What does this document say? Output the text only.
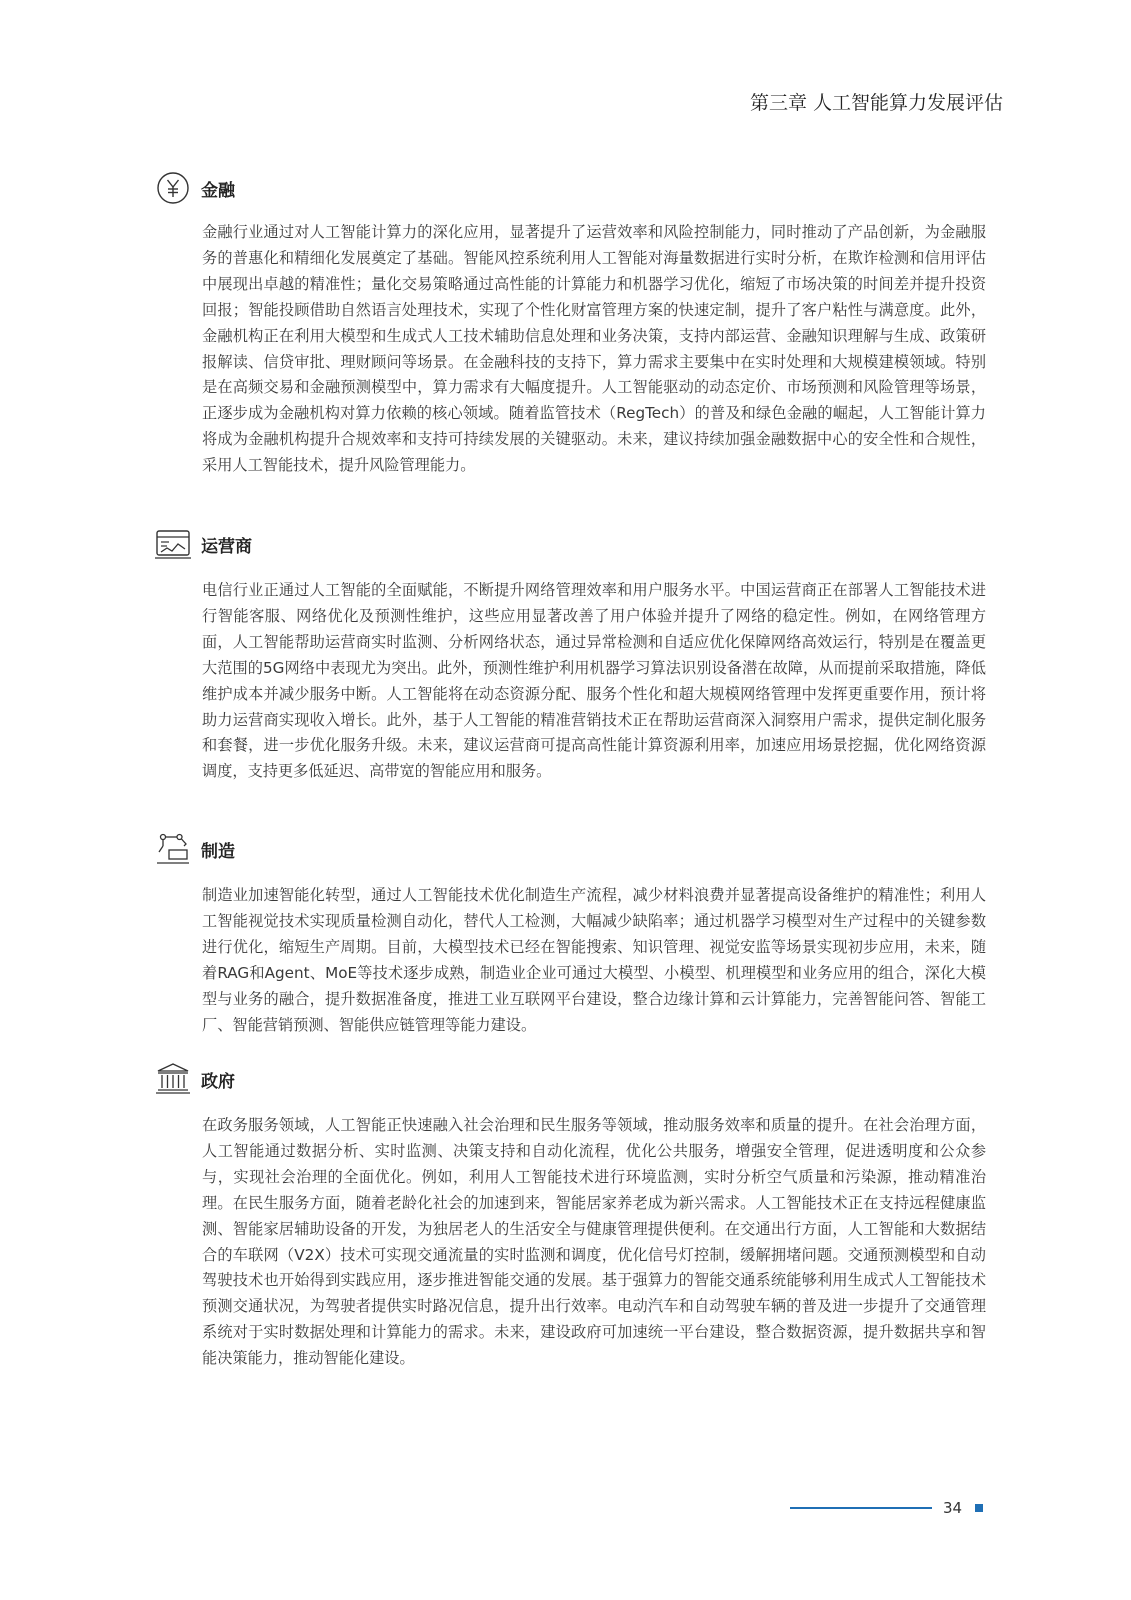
第三章 人工智能算力发展评估
金融

金融行业通过对人工智能计算力的深化应用，显著提升了运营效率和风险控制能力，同时推动了产品创新，为金融服务的普惠化和精细化发展奠定了基础。智能风控系统利用人工智能对海量数据进行实时分析，在欺诈检测和信用评估中展现出卓越的精准性；量化交易策略通过高性能的计算能力和机器学习优化，缩短了市场决策的时间差并提升投资回报；智能投顾借助自然语言处理技术，实现了个性化财富管理方案的快速定制，提升了客户粘性与满意度。此外，金融机构正在利用大模型和生成式人工技术辅助信息处理和业务决策，支持内部运营、金融知识理解与生成、政策研报解读、信贷审批、理财顾问等场景。在金融科技的支持下，算力需求主要集中在实时处理和大规模建模领域。特别是在高频交易和金融预测模型中，算力需求有大幅度提升。人工智能驱动的动态定价、市场预测和风险管理等场景，正逐步成为金融机构对算力依赖的核心领域。随着监管技术（RegTech）的普及和绿色金融的崛起，人工智能计算力将成为金融机构提升合规效率和支持可持续发展的关键驱动。未来，建议持续加强金融数据中心的安全性和合规性，采用人工智能技术，提升风险管理能力。

运营商

电信行业正通过人工智能的全面赋能，不断提升网络管理效率和用户服务水平。中国运营商正在部署人工智能技术进行智能客服、网络优化及预测性维护，这些应用显著改善了用户体验并提升了网络的稳定性。例如，在网络管理方面，人工智能帮助运营商实时监测、分析网络状态，通过异常检测和自适应优化保障网络高效运行，特别是在覆盖更大范围的5G网络中表现尤为突出。此外，预测性维护利用机器学习算法识别设备潜在故障，从而提前采取措施，降低维护成本并减少服务中断。人工智能将在动态资源分配、服务个性化和超大规模网络管理中发挥更重要作用，预计将助力运营商实现收入增长。此外，基于人工智能的精准营销技术正在帮助运营商深入洞察用户需求，提供定制化服务和套餐，进一步优化服务升级。未来，建议运营商可提高高性能计算资源利用率，加速应用场景挖掘，优化网络资源调度，支持更多低延迟、高带宽的智能应用和服务。

制造

制造业加速智能化转型，通过人工智能技术优化制造生产流程，减少材料浪费并显著提高设备维护的精准性；利用人工智能视觉技术实现质量检测自动化，替代人工检测，大幅减少缺陷率；通过机器学习模型对生产过程中的关键参数进行优化，缩短生产周期。目前，大模型技术已经在智能搜索、知识管理、视觉安监等场景实现初步应用，未来，随着RAG和Agent、MoE等技术逐步成熟，制造业企业可通过大模型、小模型、机理模型和业务应用的组合，深化大模型与业务的融合，提升数据准备度，推进工业互联网平台建设，整合边缘计算和云计算能力，完善智能问答、智能工厂、智能营销预测、智能供应链管理等能力建设。

政府

在政务服务领域，人工智能正快速融入社会治理和民生服务等领域，推动服务效率和质量的提升。在社会治理方面，人工智能通过数据分析、实时监测、决策支持和自动化流程，优化公共服务，增强安全管理，促进透明度和公众参与，实现社会治理的全面优化。例如，利用人工智能技术进行环境监测，实时分析空气质量和污染源，推动精准治理。在民生服务方面，随着老龄化社会的加速到来，智能居家养老成为新兴需求。人工智能技术正在支持远程健康监测、智能家居辅助设备的开发，为独居老人的生活安全与健康管理提供便利。在交通出行方面，人工智能和大数据结合的车联网（V2X）技术可实现交通流量的实时监测和调度，优化信号灯控制，缓解拥堵问题。交通预测模型和自动驾驶技术也开始得到实践应用，逐步推进智能交通的发展。基于强算力的智能交通系统能够利用生成式人工智能技术预测交通状况，为驾驶者提供实时路况信息，提升出行效率。电动汽车和自动驾驶车辆的普及进一步提升了交通管理系统对于实时数据处理和计算能力的需求。未来，建设政府可加速统一平台建设，整合数据资源，提升数据共享和智能决策能力，推动智能化建设。

34
